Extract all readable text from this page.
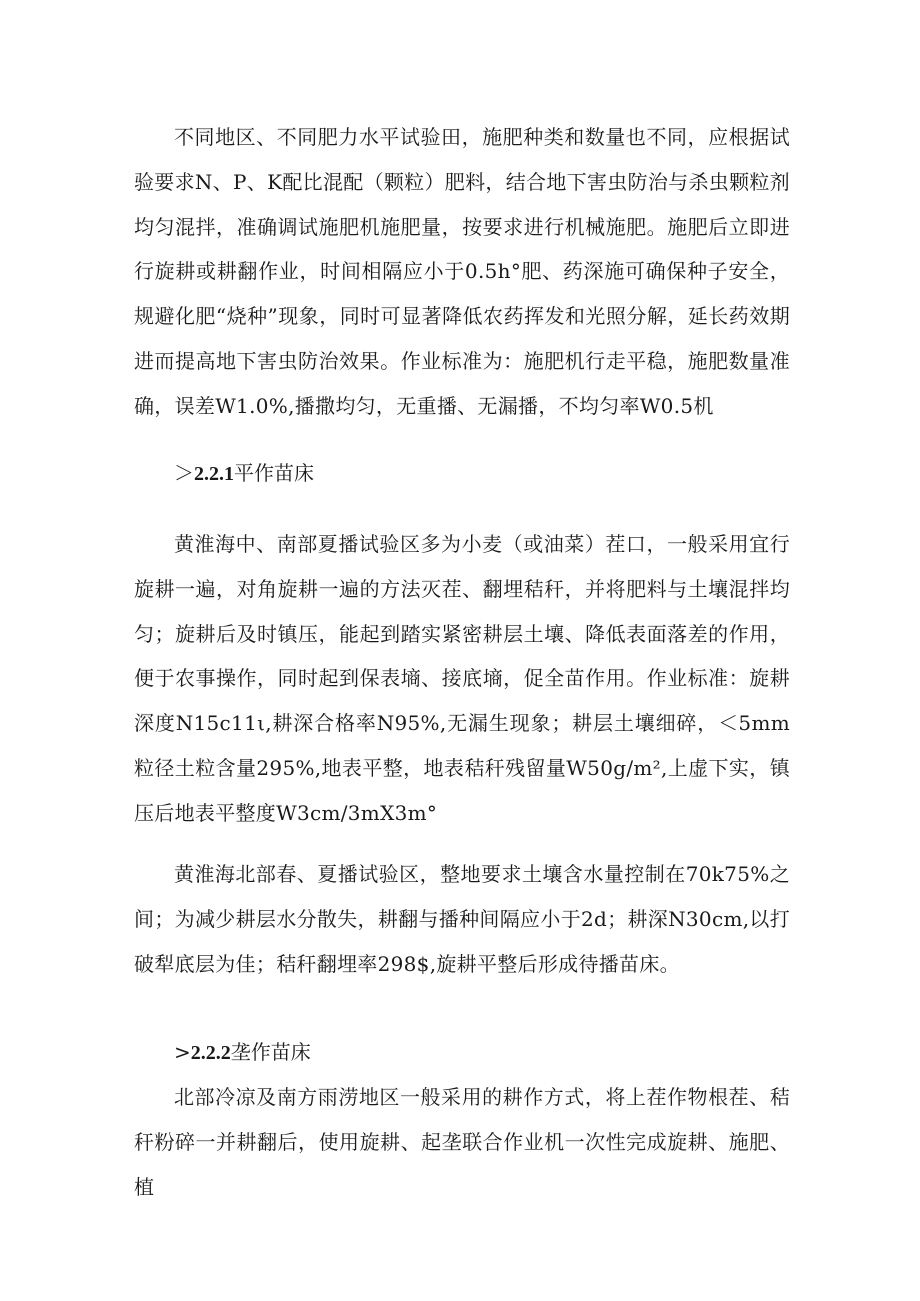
不同地区、不同肥力水平试验田，施肥种类和数量也不同，应根据试验要求N、P、K配比混配（颗粒）肥料，结合地下害虫防治与杀虫颗粒剂均匀混拌，准确调试施肥机施肥量，按要求进行机械施肥。施肥后立即进行旋耕或耕翻作业，时间相隔应小于0.5h°肥、药深施可确保种子安全，规避化肥“烧种”现象，同时可显著降低农药挥发和光照分解，延长药效期进而提高地下害虫防治效果。作业标准为：施肥机行走平稳，施肥数量准确，误差W1.0%,播撒均匀，无重播、无漏播，不均匀率W0.5机

＞2.2.1平作苗床

黄淮海中、南部夏播试验区多为小麦（或油菜）茬口，一般采用宜行旋耕一遍，对角旋耕一遍的方法灭茬、翻埋秸秆，并将肥料与土壤混拌均匀；旋耕后及时镇压，能起到踏实紧密耕层土壤、降低表面落差的作用，便于农事操作，同时起到保表墒、接底墒，促全苗作用。作业标准：旋耕深度N15c11ι,耕深合格率N95%,无漏生现象；耕层土壤细碎，＜5mm粒径土粒含量295%,地表平整，地表秸秆残留量W50g∕m²,上虚下实，镇压后地表平整度W3cm∕3mX3m°

黄淮海北部春、夏播试验区，整地要求土壤含水量控制在70k75%之间；为减少耕层水分散失，耕翻与播种间隔应小于2d；耕深N30cm,以打破犁底层为佳；秸秆翻埋率298$,旋耕平整后形成待播苗床。

>2.2.2垄作苗床

北部冷凉及南方雨涝地区一般采用的耕作方式，将上茬作物根茬、秸秆粉碎一并耕翻后，使用旋耕、起垄联合作业机一次性完成旋耕、施肥、植
